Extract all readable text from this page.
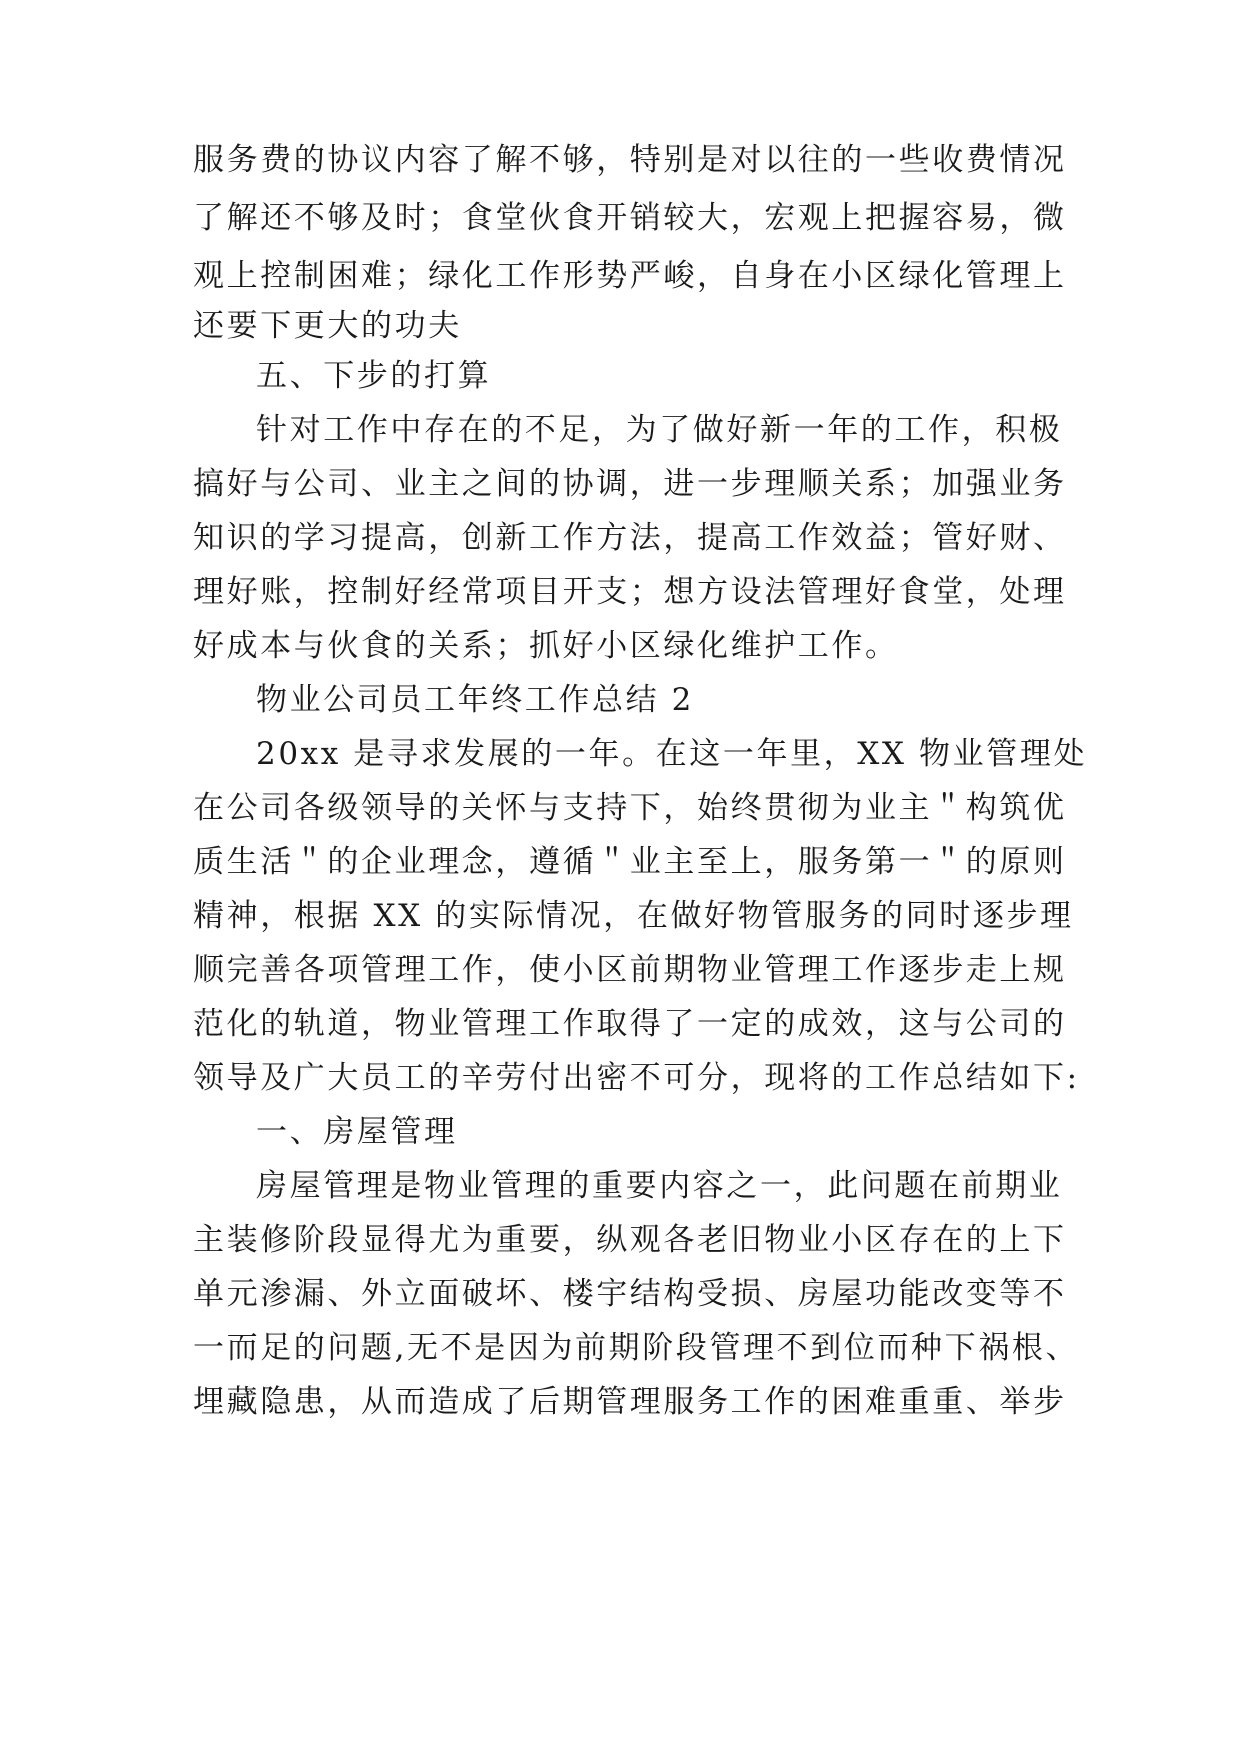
服务费的协议内容了解不够，特别是对以往的一些收费情况
了解还不够及时；食堂伙食开销较大，宏观上把握容易，微
观上控制困难；绿化工作形势严峻，自身在小区绿化管理上
还要下更大的功夫
五、下步的打算
针对工作中存在的不足，为了做好新一年的工作，积极
搞好与公司、业主之间的协调，进一步理顺关系；加强业务
知识的学习提高，创新工作方法，提高工作效益；管好财、
理好账，控制好经常项目开支；想方设法管理好食堂，处理
好成本与伙食的关系；抓好小区绿化维护工作。
物业公司员工年终工作总结 2
20xx 是寻求发展的一年。在这一年里，XX 物业管理处
在公司各级领导的关怀与支持下，始终贯彻为业主＂构筑优
质生活＂的企业理念，遵循＂业主至上，服务第一＂的原则
精神，根据 XX 的实际情况，在做好物管服务的同时逐步理
顺完善各项管理工作，使小区前期物业管理工作逐步走上规
范化的轨道，物业管理工作取得了一定的成效，这与公司的
领导及广大员工的辛劳付出密不可分，现将的工作总结如下:
一、房屋管理
房屋管理是物业管理的重要内容之一，此问题在前期业
主装修阶段显得尤为重要，纵观各老旧物业小区存在的上下
单元渗漏、外立面破坏、楼宇结构受损、房屋功能改变等不
一而足的问题,无不是因为前期阶段管理不到位而种下祸根、
埋藏隐患，从而造成了后期管理服务工作的困难重重、举步
